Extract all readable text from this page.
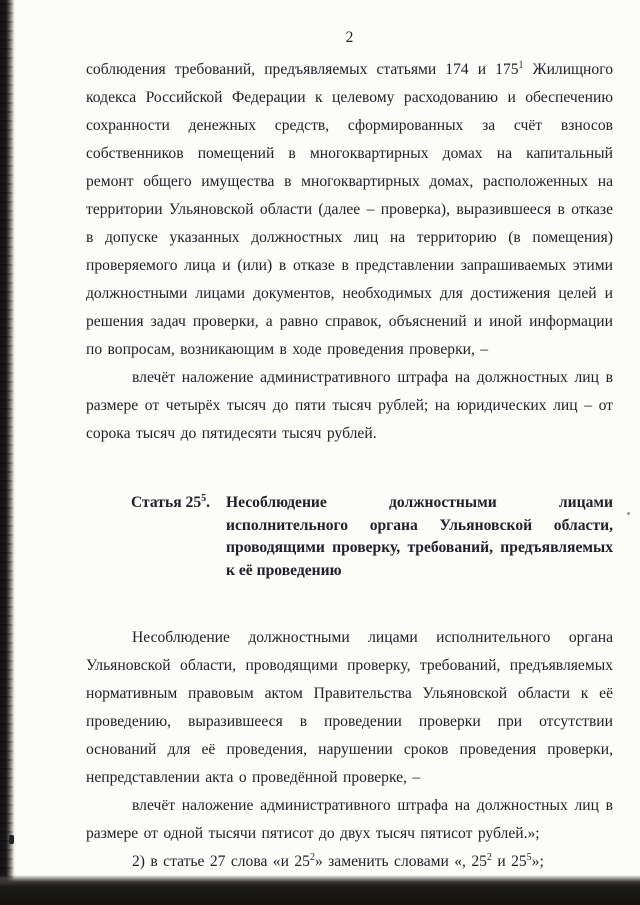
2

соблюдения требований, предъявляемых статьями 174 и $175^1$ Жилищного кодекса Российской Федерации к целевому расходованию и обеспечению сохранности денежных средств, сформированных за счёт взносов собственников помещений в многоквартирных домах на капитальный ремонт общего имущества в многоквартирных домах, расположенных на территории Ульяновской области (далее – проверка), выразившееся в отказе в допуске указанных должностных лиц на территорию (в помещения) проверяемого лица и (или) в отказе в представлении запрашиваемых этими должностными лицами документов, необходимых для достижения целей и решения задач проверки, а равно справок, объяснений и иной информации по вопросам, возникающим в ходе проведения проверки, –

влечёт наложение административного штрафа на должностных лиц в размере от четырёх тысяч до пяти тысяч рублей; на юридических лиц – от сорока тысяч до пятидесяти тысяч рублей.

Статья $25^5$.	Несоблюдение должностными лицами исполнительного органа Ульяновской области, проводящими проверку, требований, предъявляемых к её проведению

Несоблюдение должностными лицами исполнительного органа Ульяновской области, проводящими проверку, требований, предъявляемых нормативным правовым актом Правительства Ульяновской области к её проведению, выразившееся в проведении проверки при отсутствии оснований для её проведения, нарушении сроков проведения проверки, непредставлении акта о проведённой проверке, –

влечёт наложение административного штрафа на должностных лиц в размере от одной тысячи пятисот до двух тысяч пятисот рублей.»;

2) в статье 27 слова «и $25^2$» заменить словами «, $25^2$ и $25^5$»;
